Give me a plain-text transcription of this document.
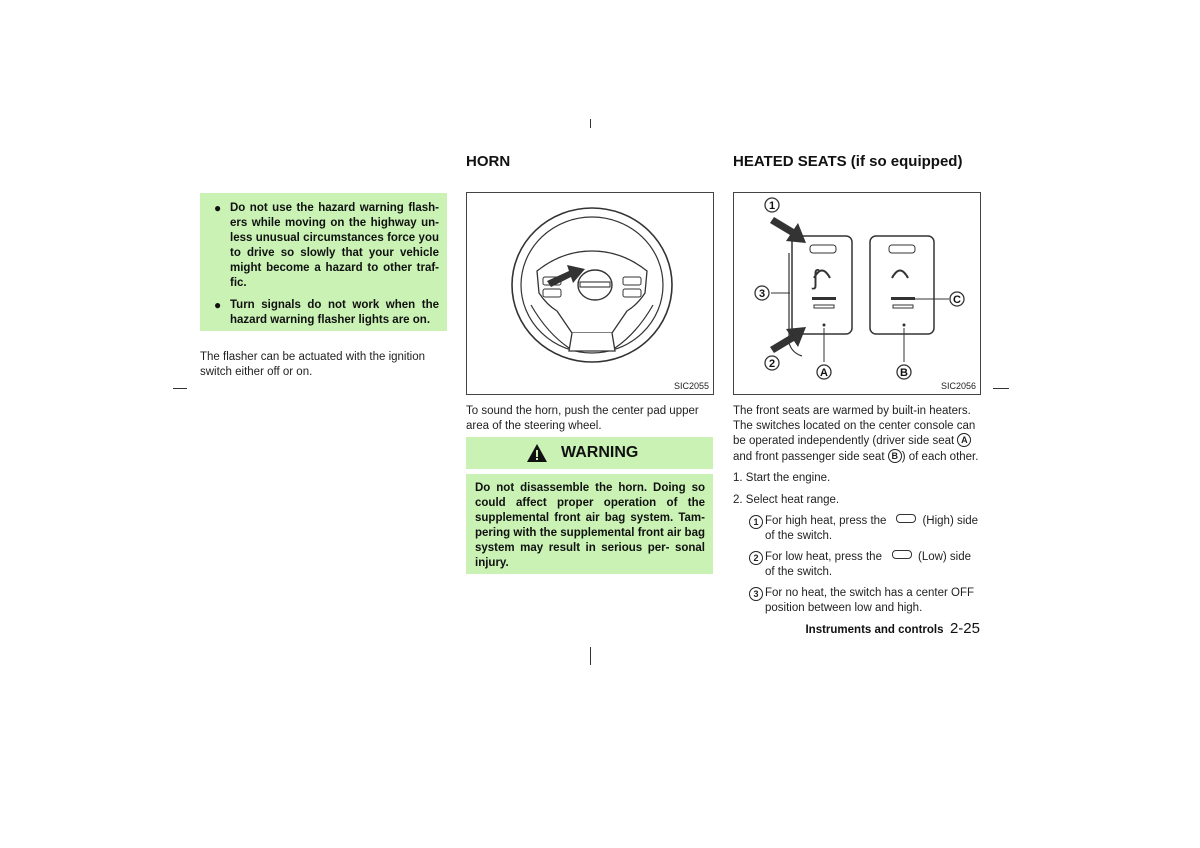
● Do not use the hazard warning flash- ers while moving on the highway un- less unusual circumstances force you to drive so slowly that your vehicle might become a hazard to other traf- fic.
● Turn signals do not work when the hazard warning flasher lights are on.
The flasher can be actuated with the ignition switch either off or on.
HORN
SIC2055
To sound the horn, push the center pad upper area of the steering wheel.
WARNING
Do not disassemble the horn. Doing so could affect proper operation of the supplemental front air bag system. Tam- pering with the supplemental front air bag system may result in serious per- sonal injury.
HEATED SEATS (if so equipped)
ʃ
1
3
2
A	B
C
SIC2056
The front seats are warmed by built-in heaters. The switches located on the center console can be operated independently (driver side seat A and front passenger side seat B ) of each other.
1. Start the engine.
2. Select heat range.
1 For high heat, press the	(High) side of the switch.
2 For low heat, press the	(Low) side of the switch.
3 For no heat, the switch has a center OFF position between low and high.
Instruments and controls 2-25
